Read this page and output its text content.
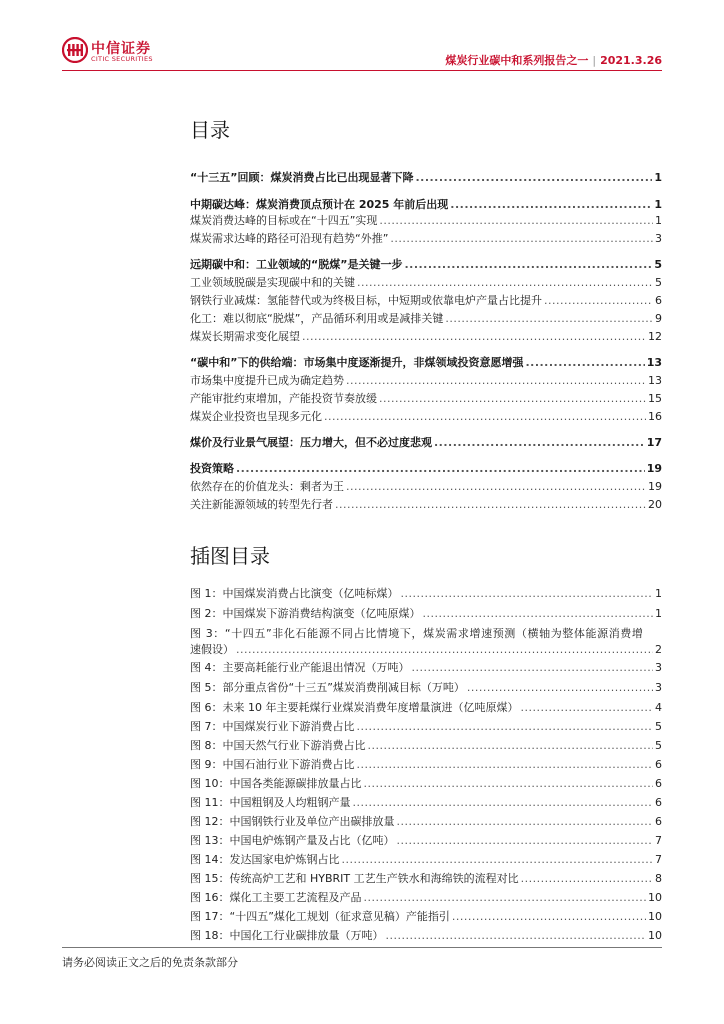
中信证券
CITIC SECURITIES	煤炭行业碳中和系列报告之一 | 2021.3.26
目录
“十三五”回顾：煤炭消费占比已出现显著下降 .....	1
中期碳达峰：煤炭消费顶点预计在 2025 年前后出现 .....	1
煤炭消费达峰的目标或在“十四五”实现 .....	1
煤炭需求达峰的路径可沿现有趋势“外推” .....	3
远期碳中和：工业领域的“脱煤”是关键一步 .....	5
工业领域脱碳是实现碳中和的关键 .....	5
钢铁行业减煤：氢能替代或为终极目标，中短期或依靠电炉产量占比提升 .....	6
化工：难以彻底“脱煤”，产品循环利用或是减排关键 .....	9
煤炭长期需求变化展望 .....	12
“碳中和”下的供给端：市场集中度逐渐提升，非煤领域投资意愿增强 .....	13
市场集中度提升已成为确定趋势 .....	13
产能审批约束增加，产能投资节奏放缓 .....	15
煤炭企业投资也呈现多元化 .....	16
煤价及行业景气展望：压力增大，但不必过度悲观 .....	17
投资策略 .....	19
依然存在的价值龙头：剩者为王 .....	19
关注新能源领域的转型先行者 .....	20
插图目录
图 1：中国煤炭消费占比演变（亿吨标煤） .....	1
图 2：中国煤炭下游消费结构演变（亿吨原煤） .....	1
图 3：“十四五”非化石能源不同占比情境下，煤炭需求增速预测（横轴为整体能源消费增
速假设） .....	2
图 4：主要高耗能行业产能退出情况（万吨） .....	3
图 5：部分重点省份“十三五”煤炭消费削减目标（万吨） .....	3
图 6：未来 10 年主要耗煤行业煤炭消费年度增量演进（亿吨原煤） .....	4
图 7：中国煤炭行业下游消费占比 .....	5
图 8：中国天然气行业下游消费占比 .....	5
图 9：中国石油行业下游消费占比 .....	6
图 10：中国各类能源碳排放量占比 .....	6
图 11：中国粗钢及人均粗钢产量 .....	6
图 12：中国钢铁行业及单位产出碳排放量 .....	6
图 13：中国电炉炼钢产量及占比（亿吨） .....	7
图 14：发达国家电炉炼钢占比 .....	7
图 15：传统高炉工艺和 HYBRIT 工艺生产铁水和海绵铁的流程对比 .....	8
图 16：煤化工主要工艺流程及产品 .....	10
图 17：“十四五”煤化工规划（征求意见稿）产能指引 .....	10
图 18：中国化工行业碳排放量（万吨） .....	10
请务必阅读正文之后的免责条款部分
